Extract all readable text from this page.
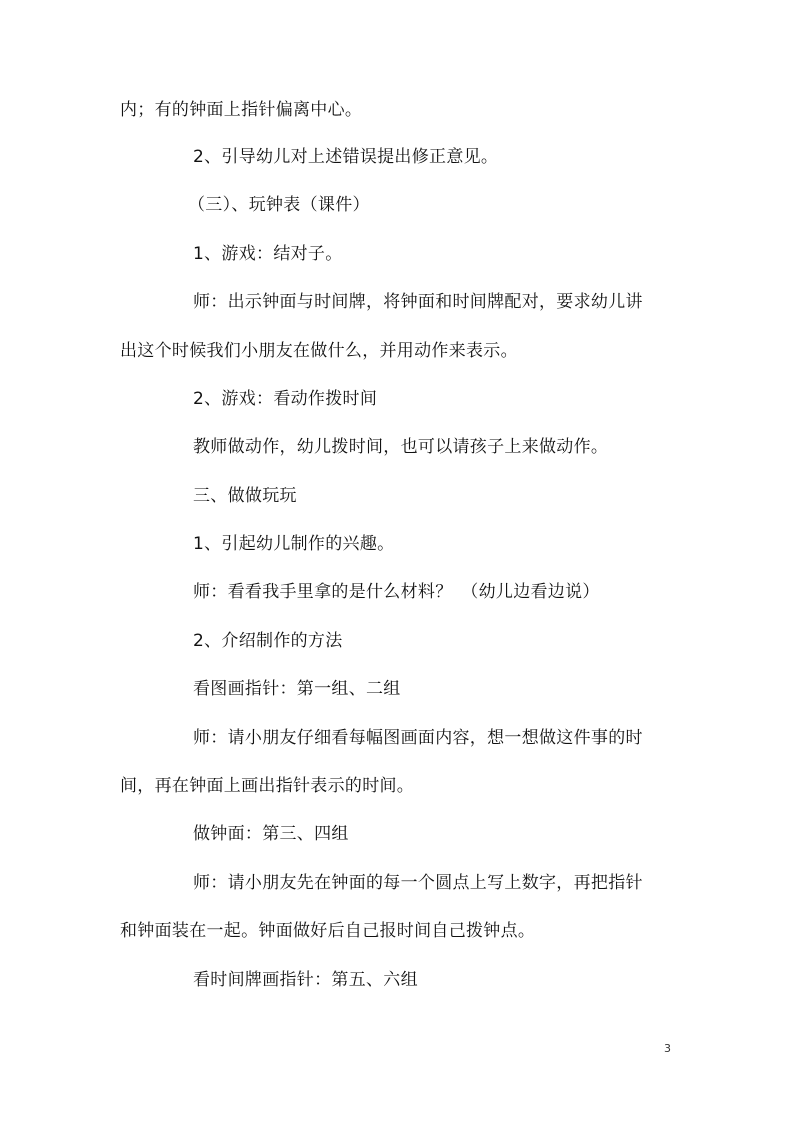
内；有的钟面上指针偏离中心。
2、引导幼儿对上述错误提出修正意见。
（三）、玩钟表（课件）
1、游戏：结对子。
师：出示钟面与时间牌，将钟面和时间牌配对，要求幼儿讲
出这个时候我们小朋友在做什么，并用动作来表示。
2、游戏：看动作拨时间
教师做动作，幼儿拨时间，也可以请孩子上来做动作。
三、做做玩玩
1、引起幼儿制作的兴趣。
师：看看我手里拿的是什么材料？　（幼儿边看边说）
2、介绍制作的方法
看图画指针：第一组、二组
师：请小朋友仔细看每幅图画面内容，想一想做这件事的时
间，再在钟面上画出指针表示的时间。
做钟面：第三、四组
师：请小朋友先在钟面的每一个圆点上写上数字，再把指针
和钟面装在一起。钟面做好后自己报时间自己拨钟点。
看时间牌画指针：第五、六组
3
